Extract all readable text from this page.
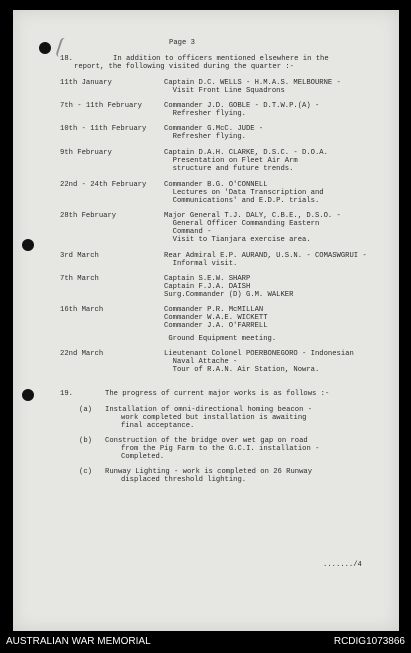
Page 3
18.	In addition to officers mentioned elsewhere in the
report, the following visited during the quarter :-
11th January	Captain D.C. WELLS - H.M.A.S. MELBOURNE -
Visit Front Line Squadrons
7th - 11th February	Commander J.D. GOBLE - D.T.W.P.(A) -
Refresher flying.
10th - 11th February Commander G.McC. JUDE -
Refresher flying.
9th February	Captain D.A.H. CLARKE, D.S.C. - D.O.A.
Presentation on Fleet Air Arm
structure and future trends.
22nd - 24th February Commander B.G. O'CONNELL
Lectures on 'Data Transcription and
Communications' and E.D.P. trials.
28th February	Major General T.J. DALY, C.B.E., D.S.O. -
General Officer Commanding Eastern
Command -
Visit to Tianjara exercise area.
3rd March	Rear Admiral E.P. AURAND, U.S.N. - COMASWGRUI -
Informal visit.
7th March	Captain S.E.W. SHARP
Captain F.J.A. DAISH
Surg.Commander (D) G.M. WALKER
16th March	Commander P.R. McMILLAN
Commander W.A.E. WICKETT
Commander J.A. O'FARRELL
Ground Equipment meeting.
22nd March	Lieutenant Colonel POERBONEGORO - Indonesian
Naval Attache -
Tour of R.A.N. Air Station, Nowra.
19.	The progress of current major works is as follows :-
(a) Installation of omni-directional homing beacon -
work completed but installation is awaiting
final acceptance.
(b) Construction of the bridge over wet gap on road
from the Pig Farm to the G.C.I. installation -
Completed.
(c) Runway Lighting - work is completed on 26 Runway
displaced threshold lighting.
......./4
AUSTRALIAN WAR MEMORIAL	RCDIG1073866
